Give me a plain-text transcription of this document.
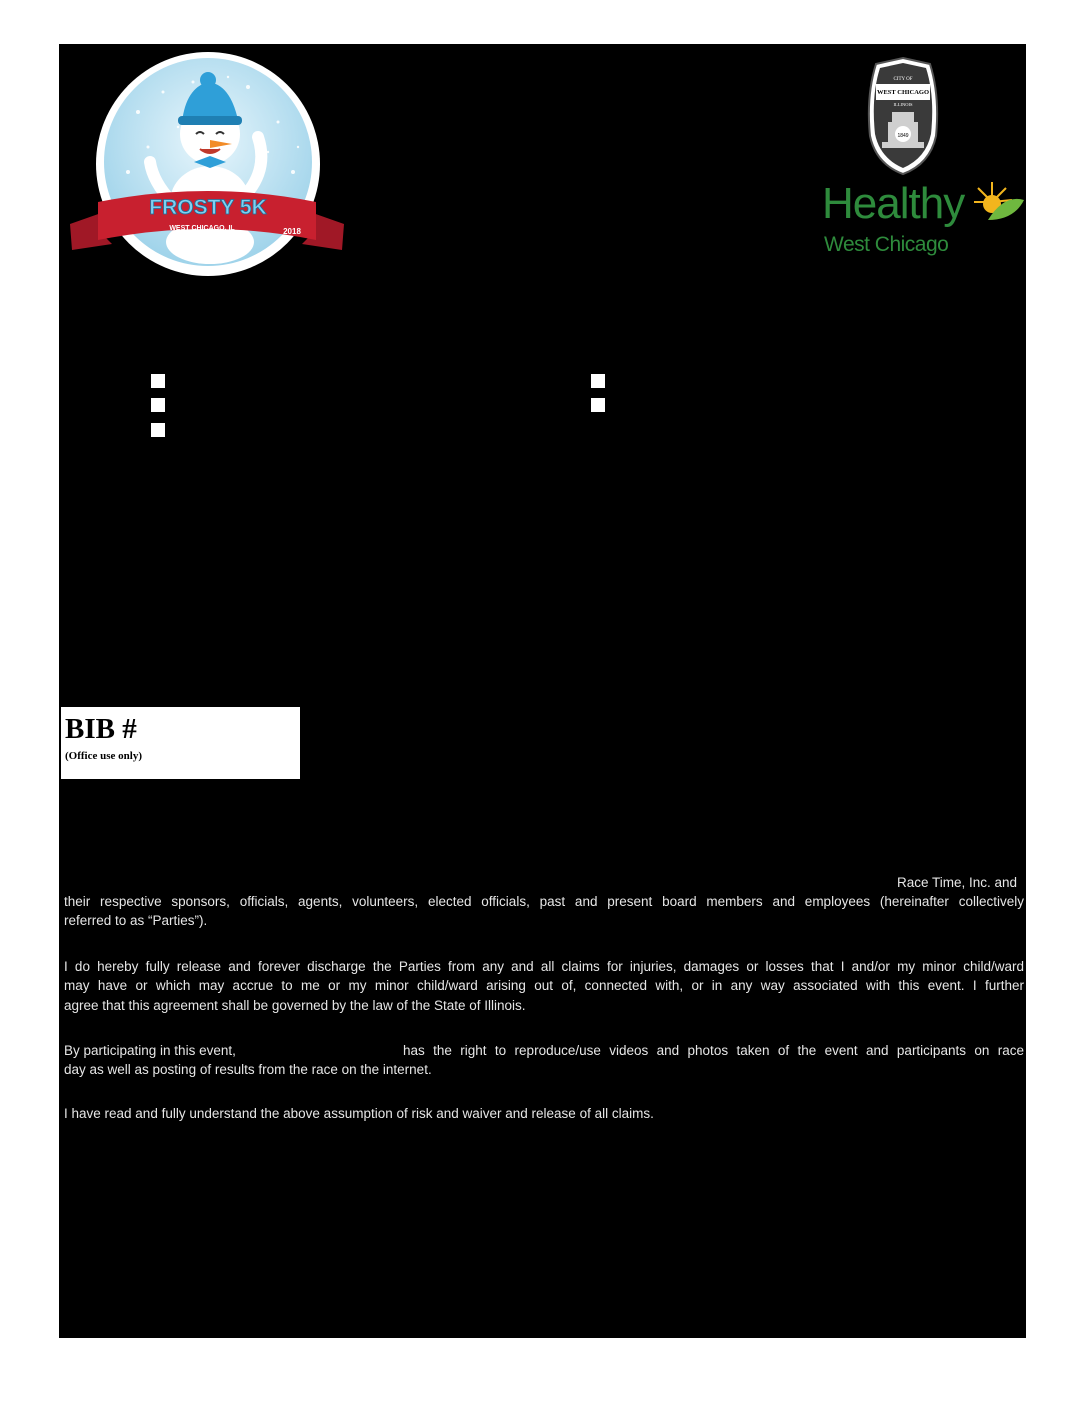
FROSTY 5K
WEST CHICAGO, IL	2018
CITY OF
WEST CHICAGO
ILLINOIS
1849
Healthy
West Chicago
BIB #
(Office use only)
Race Time, Inc. and
their respective sponsors, officials, agents, volunteers, elected officials, past and present board members and employees (hereinafter collectively
referred to as “Parties”).
I do hereby fully release and forever discharge the Parties from any and all claims for injuries, damages or losses that I and/or my minor child/ward
may have or which may accrue to me or my minor child/ward arising out of, connected with, or in any way associated with this event. I further
agree that this agreement shall be governed by the law of the State of Illinois.
By participating in this event,	has the right to reproduce/use videos and photos taken of the event and participants on race
day as well as posting of results from the race on the internet.
I have read and fully understand the above assumption of risk and waiver and release of all claims.
